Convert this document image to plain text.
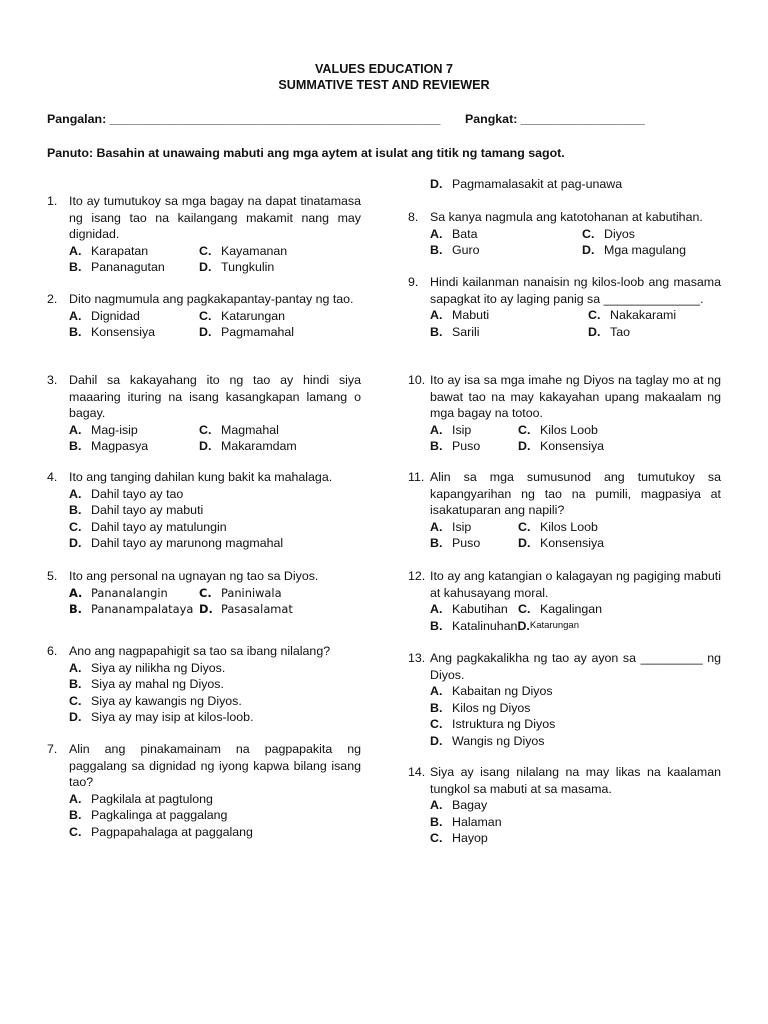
VALUES EDUCATION 7
SUMMATIVE TEST AND REVIEWER
Pangalan: ________________________________________________ Pangkat: __________________
Panuto: Basahin at unawaing mabuti ang mga aytem at isulat ang titik ng tamang sagot.
1. Ito ay tumutukoy sa mga bagay na dapat tinatamasa ng isang tao na kailangang makamit nang may dignidad.
A. Karapatan	C. Kayamanan
B. Pananagutan	D. Tungkulin
2. Dito nagmumula ang pagkakapantay-pantay ng tao.
A. Dignidad	C. Katarungan
B. Konsensiya	D. Pagmamahal
3. Dahil sa kakayahang ito ng tao ay hindi siya maaaring ituring na isang kasangkapan lamang o bagay.
A. Mag-isip	C. Magmahal
B. Magpasya	D. Makaramdam
4. Ito ang tanging dahilan kung bakit ka mahalaga.
A. Dahil tayo ay tao
B. Dahil tayo ay mabuti
C. Dahil tayo ay matulungin
D. Dahil tayo ay marunong magmahal
5. Ito ang personal na ugnayan ng tao sa Diyos.
A. Pananalangin	C. Paniniwala
B. Pananampalataya D. Pasasalamat
6. Ano ang nagpapahigit sa tao sa ibang nilalang?
A. Siya ay nilikha ng Diyos.
B. Siya ay mahal ng Diyos.
C. Siya ay kawangis ng Diyos.
D. Siya ay may isip at kilos-loob.
7. Alin ang pinakamainam na pagpapakita ng paggalang sa dignidad ng iyong kapwa bilang isang tao?
A. Pagkilala at pagtulong
B. Pagkalinga at paggalang
C. Pagpapahalaga at paggalang
D. Pagmamalasakit at pag-unawa
8. Sa kanya nagmula ang katotohanan at kabutihan.
A. Bata	C. Diyos
B. Guro	D. Mga magulang
9. Hindi kailanman nanaisin ng kilos-loob ang masama sapagkat ito ay laging panig sa ______________.
A. Mabuti	C. Nakakarami
B. Sarili	D. Tao
10. Ito ay isa sa mga imahe ng Diyos na taglay mo at ng bawat tao na may kakayahan upang makaalam ng mga bagay na totoo.
A. Isip	C. Kilos Loob
B. Puso	D. Konsensiya
11. Alin sa mga sumusunod ang tumutukoy sa kapangyarihan ng tao na pumili, magpasiya at isakatuparan ang napili?
A. Isip	C. Kilos Loob
B. Puso	D. Konsensiya
12. Ito ay ang katangian o kalagayan ng pagiging mabuti at kahusayang moral.
A. Kabutihan C. Kagalingan
B. Katalinuhan D. Katarungan
13. Ang pagkakalikha ng tao ay ayon sa _________ ng Diyos.
A. Kabaitan ng Diyos
B. Kilos ng Diyos
C. Istruktura ng Diyos
D. Wangis ng Diyos
14. Siya ay isang nilalang na may likas na kaalaman tungkol sa mabuti at sa masama.
A. Bagay
B. Halaman
C. Hayop
